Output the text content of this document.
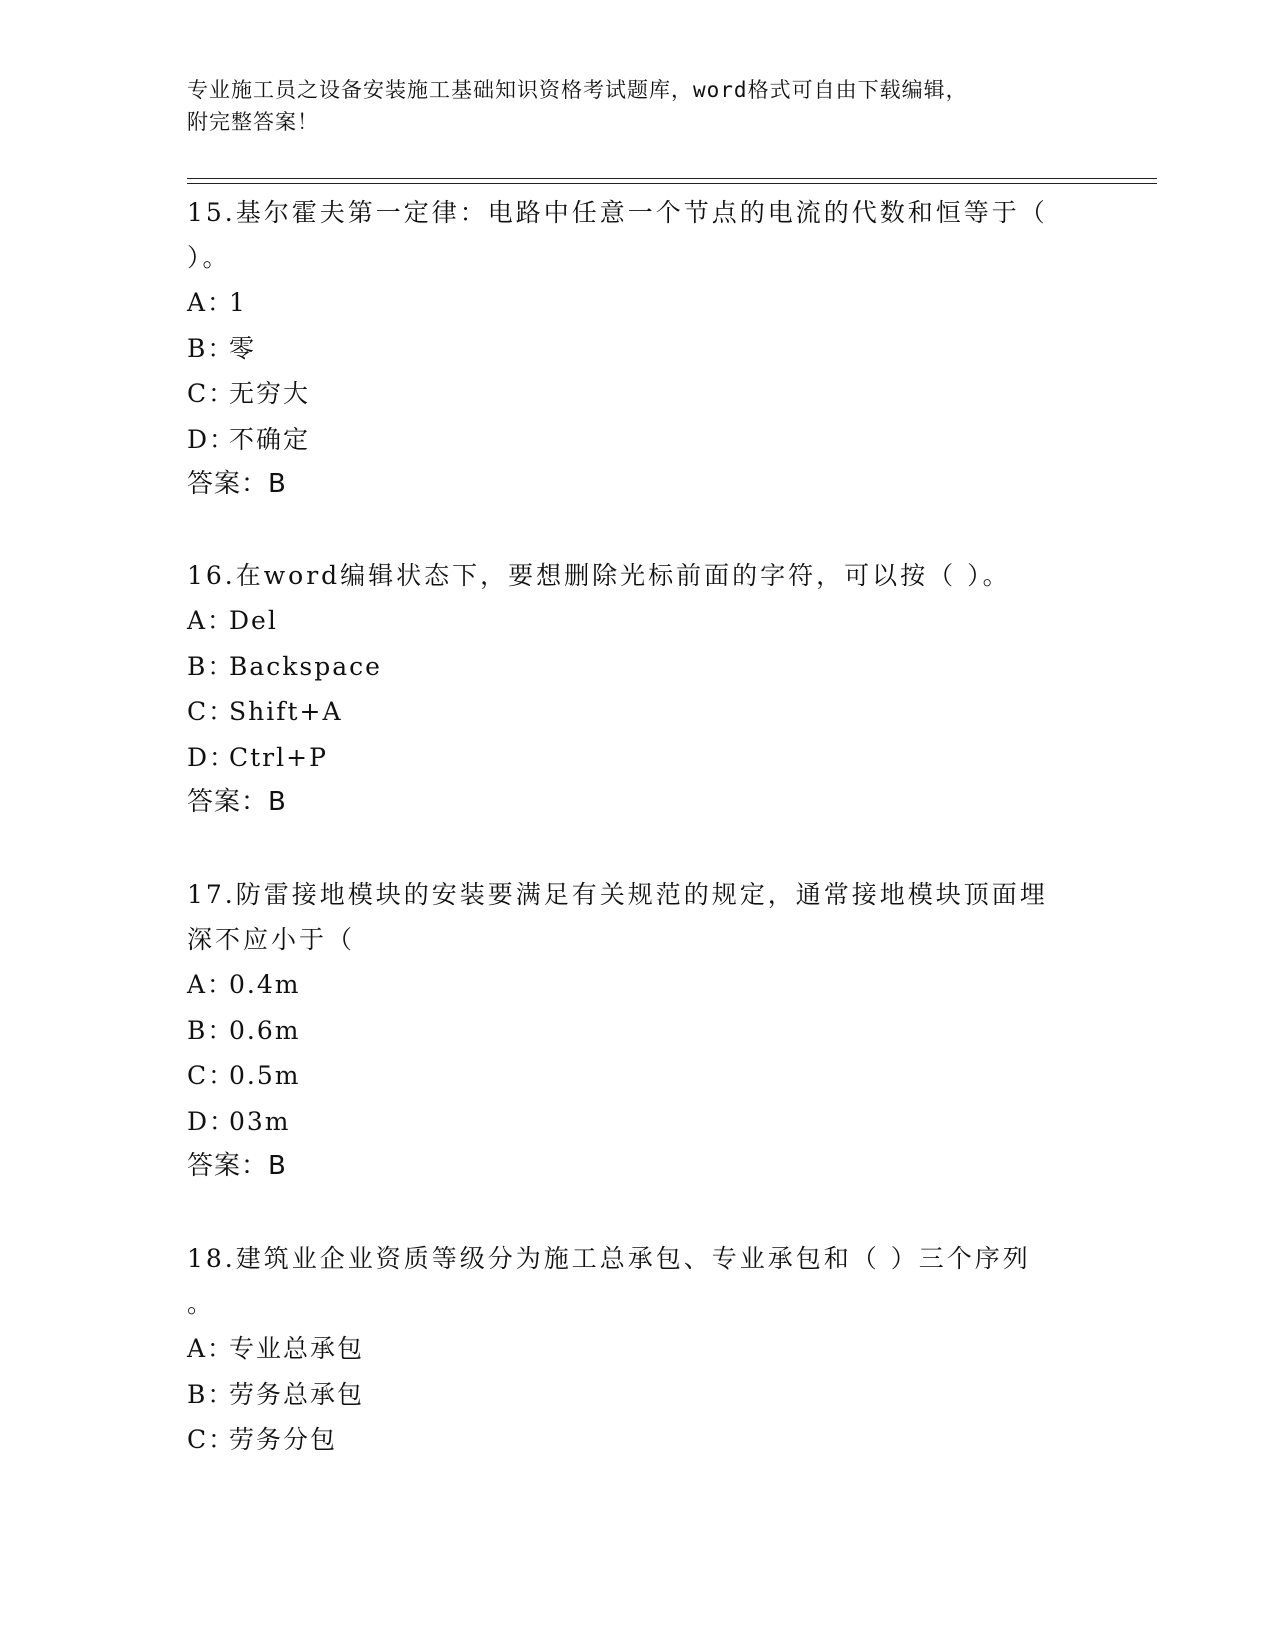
专业施工员之设备安装施工基础知识资格考试题库，word格式可自由下载编辑，
附完整答案！
15.基尔霍夫第一定律：电路中任意一个节点的电流的代数和恒等于（
）。
A：1
B：零
C：无穷大
D：不确定
答案：B
16.在word编辑状态下，要想删除光标前面的字符，可以按（ ）。
A：Del
B：Backspace
C：Shift+A
D：Ctrl+P
答案：B
17.防雷接地模块的安装要满足有关规范的规定，通常接地模块顶面埋
深不应小于（
A：0.4m
B：0.6m
C：0.5m
D：03m
答案：B
18.建筑业企业资质等级分为施工总承包、专业承包和（ ）三个序列
。
A：专业总承包
B：劳务总承包
C：劳务分包
